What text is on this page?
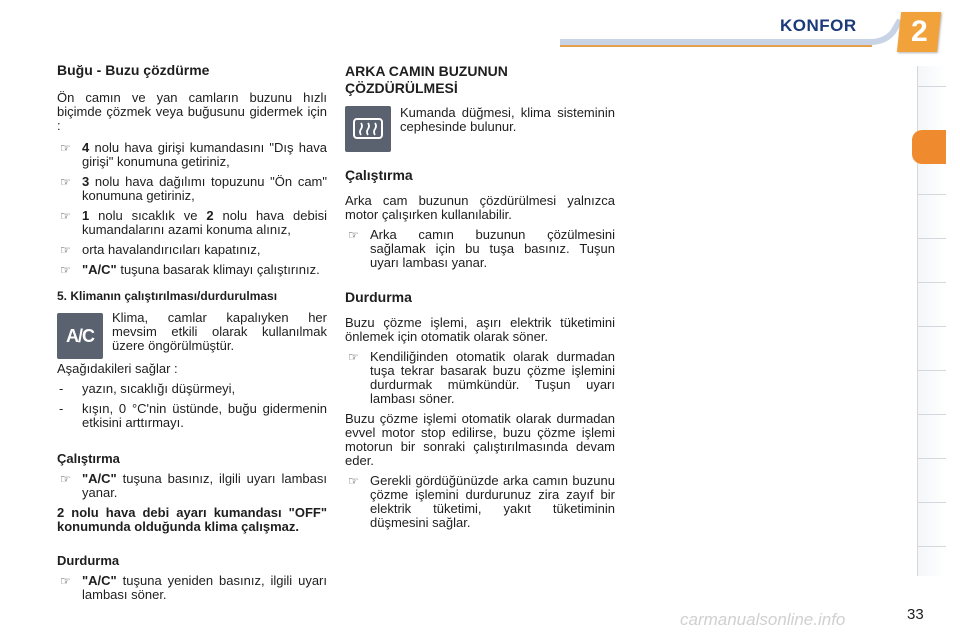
KONFOR 2
Buğu - Buzu çözdürme

Ön camın ve yan camların buzunu hızlı biçimde çözmek veya buğusunu gidermek için :

☞ 4 nolu hava girişi kumandasını "Dış hava girişi" konumuna getiriniz,
☞ 3 nolu hava dağılımı topuzunu "Ön cam" konumuna getiriniz,
☞ 1 nolu sıcaklık ve 2 nolu hava debisi kumandalarını azami konuma alınız,
☞ orta havalandırıcıları kapatınız,
☞ "A/C" tuşuna basarak klimayı çalıştırınız.
5. Klimanın çalıştırılması/durdurulması
A/C

Klima, camlar kapalıyken her mevsim etkili olarak kullanılmak üzere öngörülmüştür.

Aşağıdakileri sağlar :

- yazın, sıcaklığı düşürmeyi,
- kışın, 0 °C'nin üstünde, buğu gidermenin etkisini arttırmayı.
Çalıştırma
☞ "A/C" tuşuna basınız, ilgili uyarı lambası yanar.

2 nolu hava debi ayarı kumandası "OFF" konumunda olduğunda klima çalışmaz.

Durdurma
☞ "A/C" tuşuna yeniden basınız, ilgili uyarı lambası söner.
ARKA CAMIN BUZUNUN
ÇÖZDÜRÜLMESİ

Kumanda düğmesi, klima sisteminin cephesinde bulunur.

Çalıştırma

Arka cam buzunun çözdürülmesi yalnızca motor çalışırken kullanılabilir.

☞ Arka camın buzunun çözülmesini sağlamak için bu tuşa basınız. Tuşun uyarı lambası yanar.
Durdurma

Buzu çözme işlemi, aşırı elektrik tüketimini önlemek için otomatik olarak söner.

☞ Kendiliğinden otomatik olarak durmadan tuşa tekrar basarak buzu çözme işlemini durdurmak mümkündür. Tuşun uyarı lambası söner.

Buzu çözme işlemi otomatik olarak durmadan evvel motor stop edilirse, buzu çözme işlemi motorun bir sonraki çalıştırılmasında devam eder.

☞ Gerekli gördüğünüzde arka camın buzunu çözme işlemini durdurunuz zira zayıf bir elektrik tüketimi, yakıt tüketiminin düşmesini sağlar.
carmanualsonline.info	33
